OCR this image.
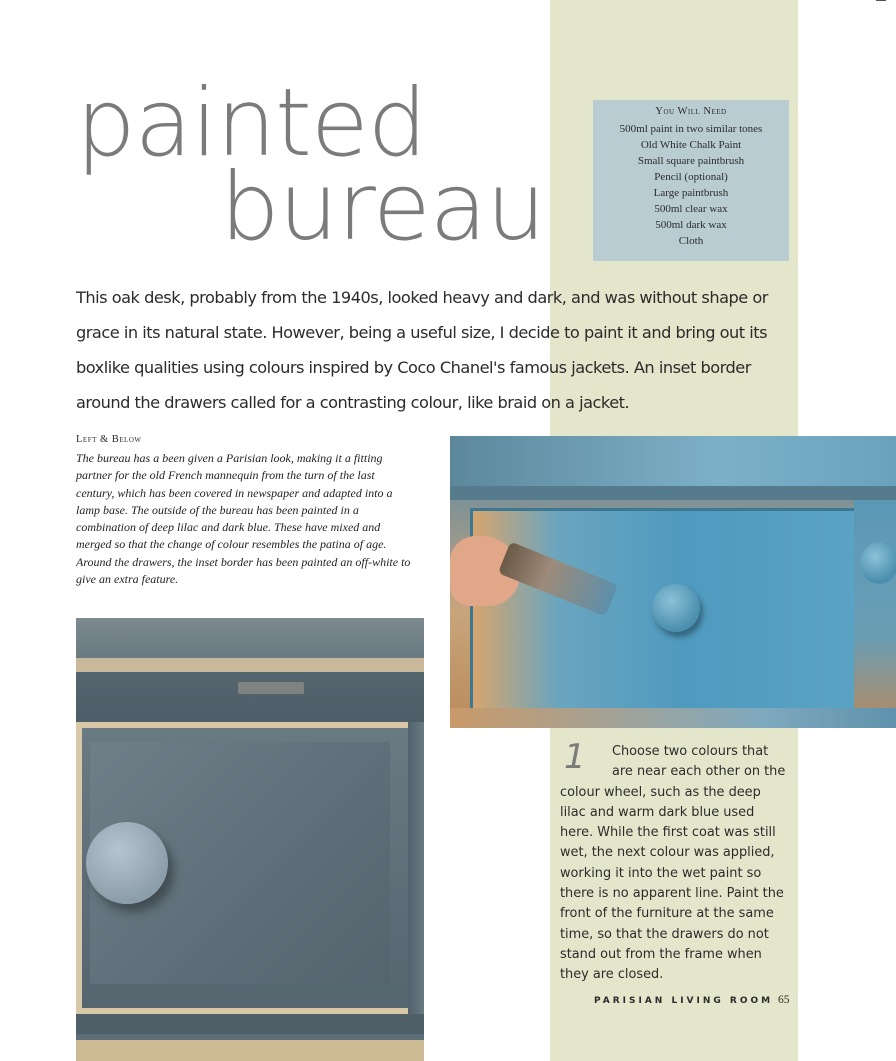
painted
bureau
You Will Need
500ml paint in two similar tones
Old White Chalk Paint
Small square paintbrush
Pencil (optional)
Large paintbrush
500ml clear wax
500ml dark wax
Cloth

This oak desk, probably from the 1940s, looked heavy and dark, and was without shape or grace in its natural state. However, being a useful size, I decide to paint it and bring out its boxlike qualities using colours inspired by Coco Chanel's famous jackets. An inset border around the drawers called for a contrasting colour, like braid on a jacket.

Left & Below

The bureau has a been given a Parisian look, making it a fitting partner for the old French mannequin from the turn of the last century, which has been covered in newspaper and adapted into a lamp base. The outside of the bureau has been painted in a combination of deep lilac and dark blue. These have mixed and merged so that the change of colour resembles the patina of age. Around the drawers, the inset border has been painted an off-white to give an extra feature.

1	Choose two colours that are near each other on the colour wheel, such as the deep lilac and warm dark blue used here. While the first coat was still wet, the next colour was applied, working it into the wet paint so there is no apparent line. Paint the front of the furniture at the same time, so that the drawers do not stand out from the frame when they are closed.

PARISIAN LIVING ROOM 65
